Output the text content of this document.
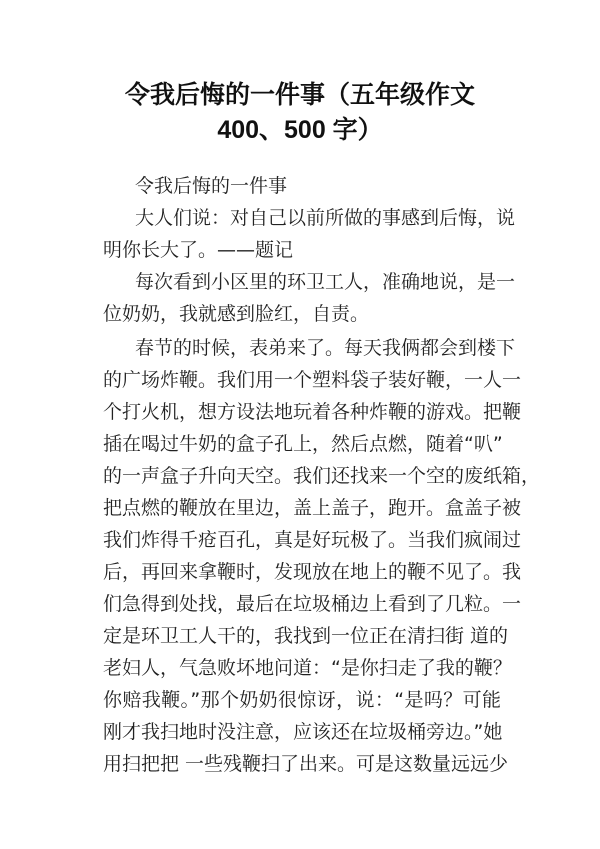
令我后悔的一件事（五年级作文
400、500 字）
令我后悔的一件事
大人们说：对自己以前所做的事感到后悔，说
明你长大了。——题记
每次看到小区里的环卫工人，准确地说，是一
位奶奶，我就感到脸红，自责。
春节的时候，表弟来了。每天我俩都会到楼下
的广场炸鞭。我们用一个塑料袋子装好鞭，一人一
个打火机，想方设法地玩着各种炸鞭的游戏。把鞭
插在喝过牛奶的盒子孔上，然后点燃，随着“叭”
的一声盒子升向天空。我们还找来一个空的废纸箱，
把点燃的鞭放在里边，盖上盖子，跑开。盒盖子被
我们炸得千疮百孔，真是好玩极了。当我们疯闹过
后，再回来拿鞭时，发现放在地上的鞭不见了。我
们急得到处找，最后在垃圾桶边上看到了几粒。一
定是环卫工人干的，我找到一位正在清扫街 道的
老妇人，气急败坏地问道：“是你扫走了我的鞭？
你赔我鞭。”那个奶奶很惊讶，说：“是吗？可能
刚才我扫地时没注意，应该还在垃圾桶旁边。”她
用扫把把 一些残鞭扫了出来。可是这数量远远少
